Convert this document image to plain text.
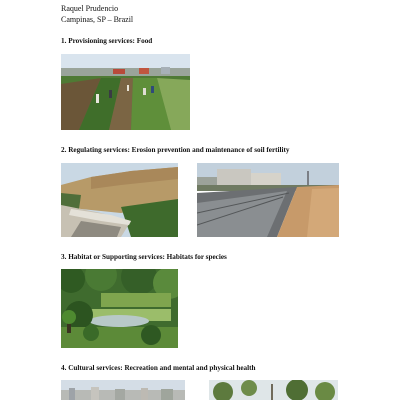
Raquel Prudencio
Campinas, SP – Brazil
1. Provisioning services: Food
2. Regulating services: Erosion prevention and maintenance of soil fertility
3. Habitat or Supporting services: Habitats for species
4. Cultural services: Recreation and mental and physical health
